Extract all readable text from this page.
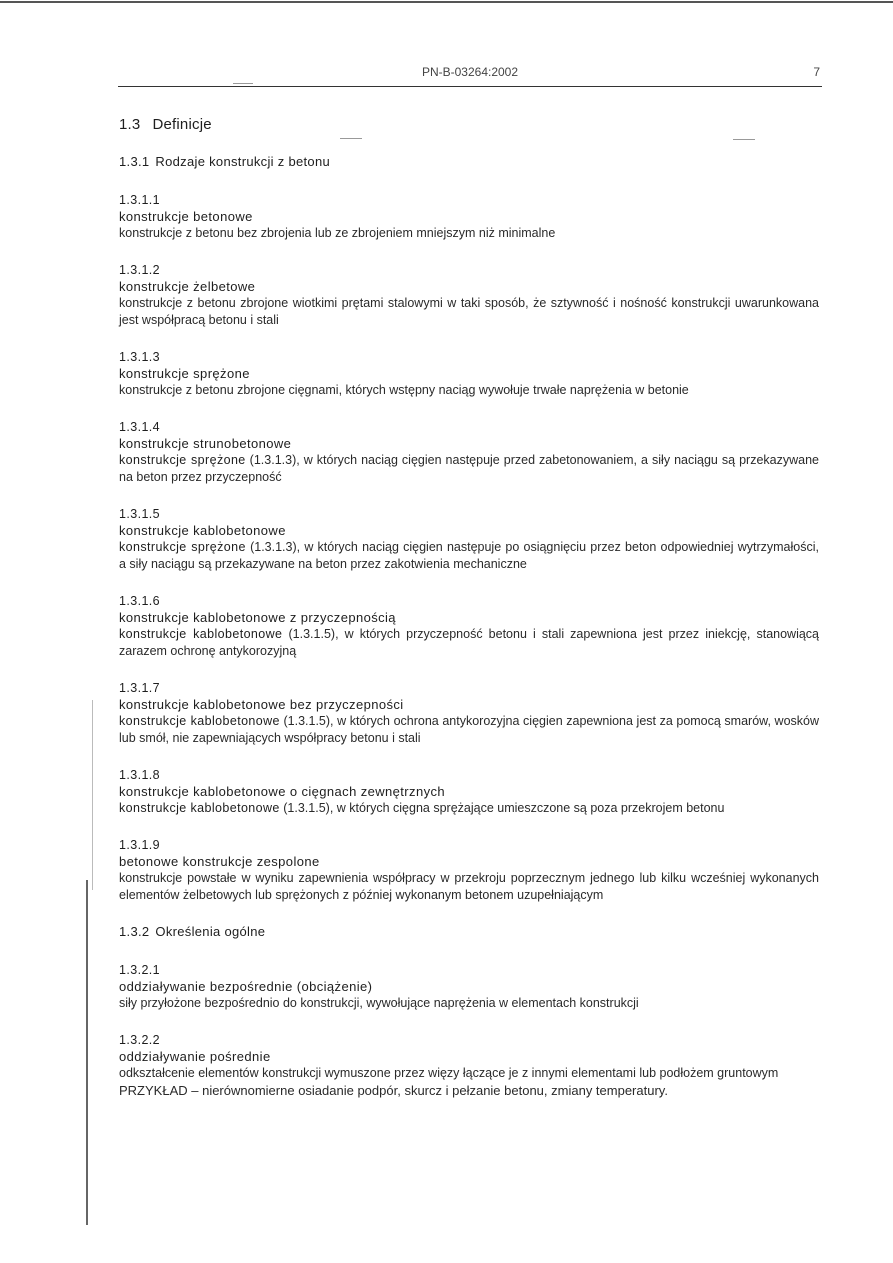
PN-B-03264:2002	7
1.3 Definicje
1.3.1 Rodzaje konstrukcji z betonu
1.3.1.1
konstrukcje betonowe
konstrukcje z betonu bez zbrojenia lub ze zbrojeniem mniejszym niż minimalne
1.3.1.2
konstrukcje żelbetowe
konstrukcje z betonu zbrojone wiotkimi prętami stalowymi w taki sposób, że sztywność i nośność konstrukcji uwarunkowana jest współpracą betonu i stali
1.3.1.3
konstrukcje sprężone
konstrukcje z betonu zbrojone cięgnami, których wstępny naciąg wywołuje trwałe naprężenia w betonie
1.3.1.4
konstrukcje strunobetonowe
konstrukcje sprężone (1.3.1.3), w których naciąg cięgien następuje przed zabetonowaniem, a siły naciągu są przekazywane na beton przez przyczepność
1.3.1.5
konstrukcje kablobetonowe
konstrukcje sprężone (1.3.1.3), w których naciąg cięgien następuje po osiągnięciu przez beton odpowiedniej wytrzymałości, a siły naciągu są przekazywane na beton przez zakotwienia mechaniczne
1.3.1.6
konstrukcje kablobetonowe z przyczepnością
konstrukcje kablobetonowe (1.3.1.5), w których przyczepność betonu i stali zapewniona jest przez iniekcję, stanowiącą zarazem ochronę antykorozyjną
1.3.1.7
konstrukcje kablobetonowe bez przyczepności
konstrukcje kablobetonowe (1.3.1.5), w których ochrona antykorozyjna cięgien zapewniona jest za pomocą smarów, wosków lub smół, nie zapewniających współpracy betonu i stali
1.3.1.8
konstrukcje kablobetonowe o cięgnach zewnętrznych
konstrukcje kablobetonowe (1.3.1.5), w których cięgna sprężające umieszczone są poza przekrojem betonu
1.3.1.9
betonowe konstrukcje zespolone
konstrukcje powstałe w wyniku zapewnienia współpracy w przekroju poprzecznym jednego lub kilku wcześniej wykonanych elementów żelbetowych lub sprężonych z później wykonanym betonem uzupełniającym
1.3.2 Określenia ogólne
1.3.2.1
oddziaływanie bezpośrednie (obciążenie)
siły przyłożone bezpośrednio do konstrukcji, wywołujące naprężenia w elementach konstrukcji
1.3.2.2
oddziaływanie pośrednie
odkształcenie elementów konstrukcji wymuszone przez więzy łączące je z innymi elementami lub podłożem gruntowym
PRZYKŁAD – nierównomierne osiadanie podpór, skurcz i pełzanie betonu, zmiany temperatury.
